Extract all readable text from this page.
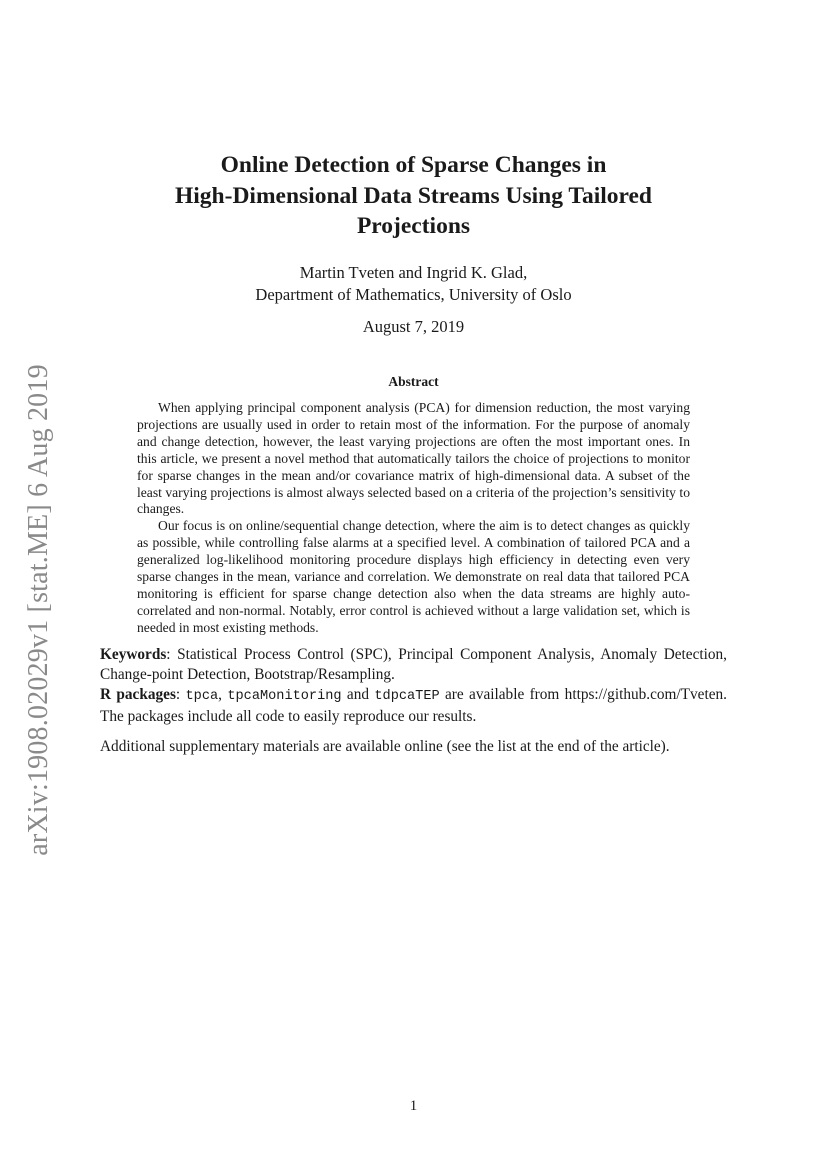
arXiv:1908.02029v1 [stat.ME] 6 Aug 2019
Online Detection of Sparse Changes in
High-Dimensional Data Streams Using Tailored
Projections
Martin Tveten and Ingrid K. Glad,
Department of Mathematics, University of Oslo
August 7, 2019
Abstract

When applying principal component analysis (PCA) for dimension reduction, the most varying projections are usually used in order to retain most of the information. For the purpose of anomaly and change detection, however, the least varying projections are often the most important ones. In this article, we present a novel method that automatically tailors the choice of projections to monitor for sparse changes in the mean and/or covariance matrix of high-dimensional data. A subset of the least varying projections is almost always selected based on a criteria of the projection’s sensitivity to changes.

Our focus is on online/sequential change detection, where the aim is to detect changes as quickly as possible, while controlling false alarms at a specified level. A combination of tailored PCA and a generalized log-likelihood monitoring procedure displays high efficiency in detecting even very sparse changes in the mean, variance and correlation. We demonstrate on real data that tailored PCA monitoring is efficient for sparse change detection also when the data streams are highly auto-correlated and non-normal. Notably, error control is achieved without a large validation set, which is needed in most existing methods.

Keywords: Statistical Process Control (SPC), Principal Component Analysis, Anomaly Detection, Change-point Detection, Bootstrap/Resampling.

R packages: tpca, tpcaMonitoring and tdpcaTEP are available from https://github.com/Tveten. The packages include all code to easily reproduce our results.

Additional supplementary materials are available online (see the list at the end of the article).
1
